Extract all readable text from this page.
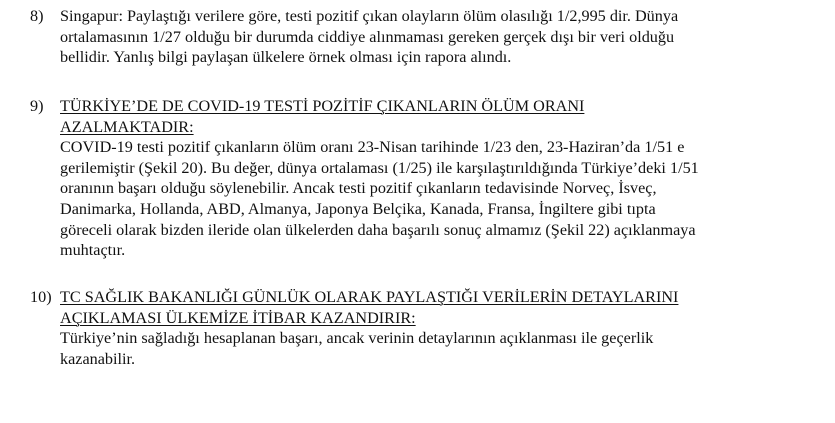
8)	Singapur: Paylaştığı verilere göre, testi pozitif çıkan olayların ölüm olasılığı 1/2,995 dir. Dünya
ortalamasının 1/27 olduğu bir durumda ciddiye alınmaması gereken gerçek dışı bir veri olduğu
bellidir. Yanlış bilgi paylaşan ülkelere örnek olması için rapora alındı.
9)	TÜRKİYE’DE DE COVID-19 TESTİ POZİTİF ÇIKANLARIN ÖLÜM ORANI
AZALMAKTADIR:
COVID-19 testi pozitif çıkanların ölüm oranı 23-Nisan tarihinde 1/23 den, 23-Haziran’da 1/51 e
gerilemiştir (Şekil 20). Bu değer, dünya ortalaması (1/25) ile karşılaştırıldığında Türkiye’deki 1/51
oranının başarı olduğu söylenebilir. Ancak testi pozitif çıkanların tedavisinde Norveç, İsveç,
Danimarka, Hollanda, ABD, Almanya, Japonya Belçika, Kanada, Fransa, İngiltere gibi tıpta
göreceli olarak bizden ileride olan ülkelerden daha başarılı sonuç almamız (Şekil 22) açıklanmaya
muhtaçtır.
10) TC SAĞLIK BAKANLIĞI GÜNLÜK OLARAK PAYLAŞTIĞI VERİLERİN DETAYLARINI
AÇIKLAMASI ÜLKEMİZE İTİBAR KAZANDIRIR:
Türkiye’nin sağladığı hesaplanan başarı, ancak verinin detaylarının açıklanması ile geçerlik
kazanabilir.
